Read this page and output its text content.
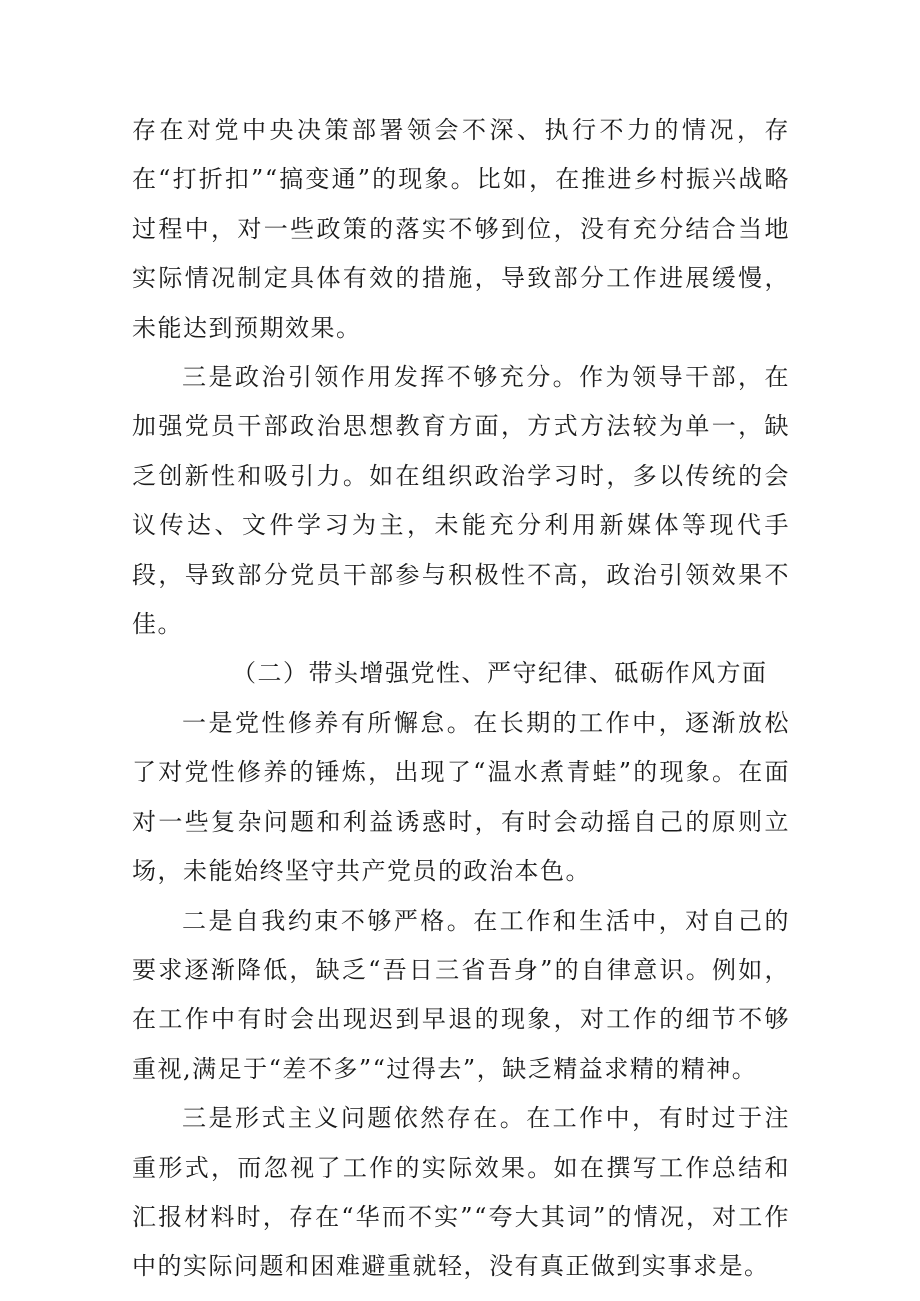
存在对党中央决策部署领会不深、执行不力的情况，存在“打折扣”“搞变通”的现象。比如，在推进乡村振兴战略过程中，对一些政策的落实不够到位，没有充分结合当地实际情况制定具体有效的措施，导致部分工作进展缓慢，未能达到预期效果。

三是政治引领作用发挥不够充分。作为领导干部，在加强党员干部政治思想教育方面，方式方法较为单一，缺乏创新性和吸引力。如在组织政治学习时，多以传统的会议传达、文件学习为主，未能充分利用新媒体等现代手段，导致部分党员干部参与积极性不高，政治引领效果不佳。

（二）带头增强党性、严守纪律、砥砺作风方面

一是党性修养有所懈怠。在长期的工作中，逐渐放松了对党性修养的锤炼，出现了“温水煮青蛙”的现象。在面对一些复杂问题和利益诱惑时，有时会动摇自己的原则立场，未能始终坚守共产党员的政治本色。

二是自我约束不够严格。在工作和生活中，对自己的要求逐渐降低，缺乏“吾日三省吾身”的自律意识。例如，在工作中有时会出现迟到早退的现象，对工作的细节不够重视,满足于“差不多”“过得去”，缺乏精益求精的精神。

三是形式主义问题依然存在。在工作中，有时过于注重形式，而忽视了工作的实际效果。如在撰写工作总结和汇报材料时，存在“华而不实”“夸大其词”的情况，对工作中的实际问题和困难避重就轻，没有真正做到实事求是。
